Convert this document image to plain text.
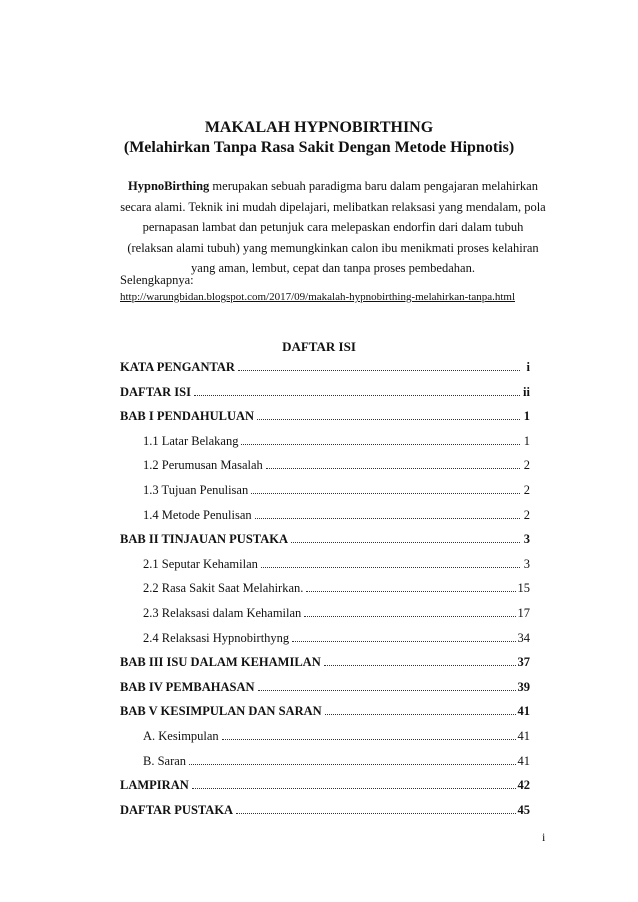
MAKALAH HYPNOBIRTHING
(Melahirkan Tanpa Rasa Sakit Dengan Metode Hipnotis)
HypnoBirthing merupakan sebuah paradigma baru dalam pengajaran melahirkan secara alami. Teknik ini mudah dipelajari, melibatkan relaksasi yang mendalam, pola pernapasan lambat dan petunjuk cara melepaskan endorfin dari dalam tubuh (relaksan alami tubuh) yang memungkinkan calon ibu menikmati proses kelahiran yang aman, lembut, cepat dan tanpa proses pembedahan.
Selengkapnya:
http://warungbidan.blogspot.com/2017/09/makalah-hypnobirthing-melahirkan-tanpa.html
DAFTAR ISI
KATA PENGANTAR	i
DAFTAR ISI	ii
BAB I PENDAHULUAN	1
1.1 Latar Belakang	1
1.2 Perumusan Masalah	2
1.3 Tujuan Penulisan	2
1.4 Metode Penulisan	2
BAB II TINJAUAN PUSTAKA	3
2.1 Seputar Kehamilan	3
2.2 Rasa Sakit Saat Melahirkan.	15
2.3 Relaksasi dalam Kehamilan	17
2.4 Relaksasi Hypnobirthyng	34
BAB III ISU DALAM KEHAMILAN	37
BAB IV PEMBAHASAN	39
BAB V KESIMPULAN DAN SARAN	41
A. Kesimpulan	41
B. Saran	41
LAMPIRAN	42
DAFTAR PUSTAKA	45
i
